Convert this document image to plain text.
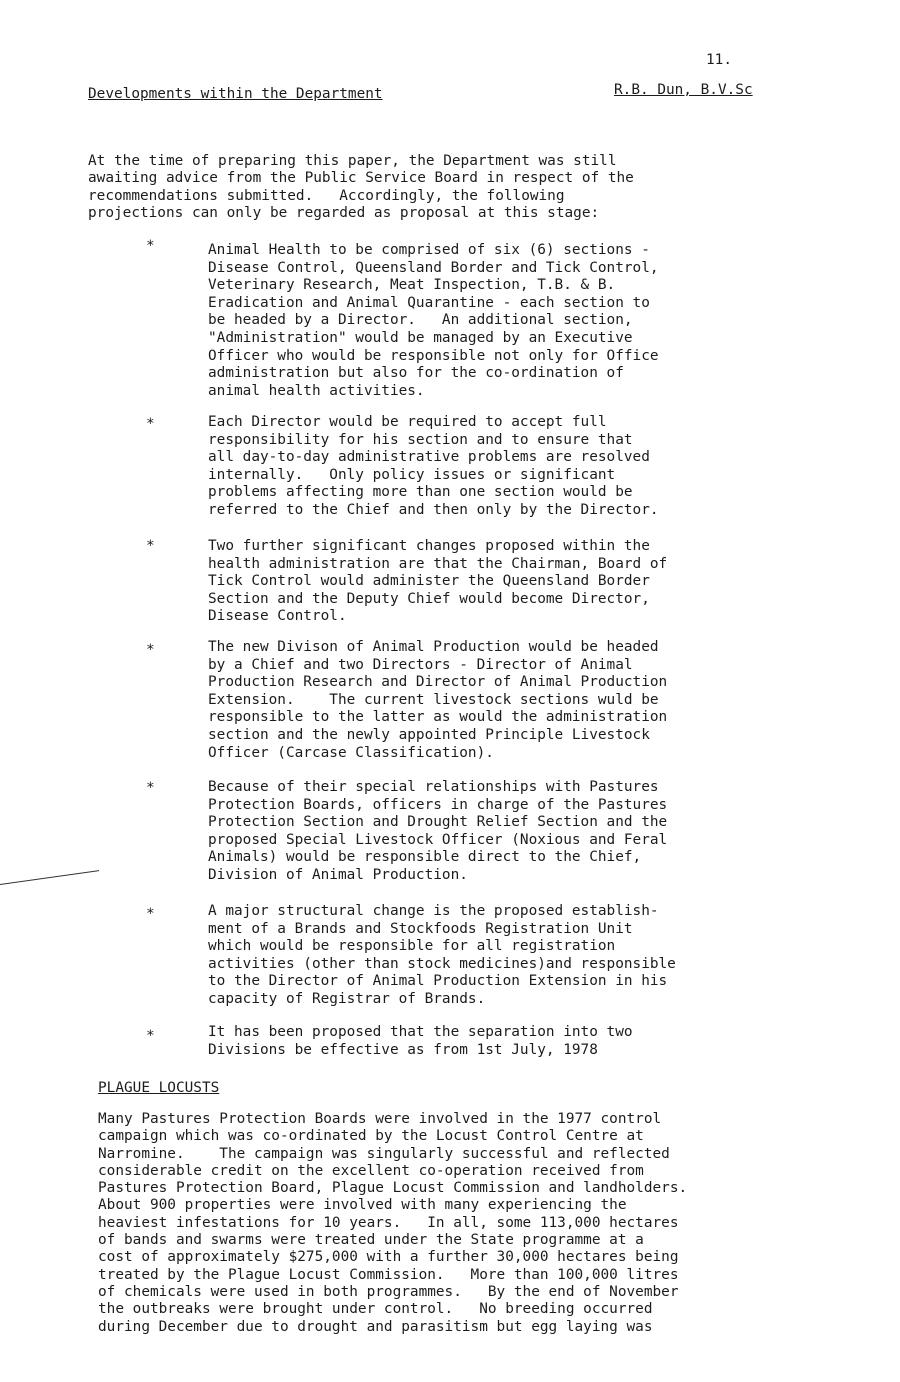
11.
Developments within the Department	R.B. Dun, B.V.Sc
At the time of preparing this paper, the Department was still
awaiting advice from the Public Service Board in respect of the
recommendations submitted.   Accordingly, the following
projections can only be regarded as proposal at this stage:
*	Animal Health to be comprised of six (6) sections -
Disease Control, Queensland Border and Tick Control,
Veterinary Research, Meat Inspection, T.B. & B.
Eradication and Animal Quarantine - each section to
be headed by a Director.   An additional section,
"Administration" would be managed by an Executive
Officer who would be responsible not only for Office
administration but also for the co-ordination of
animal health activities.
*	Each Director would be required to accept full
responsibility for his section and to ensure that
all day-to-day administrative problems are resolved
internally.   Only policy issues or significant
problems affecting more than one section would be
referred to the Chief and then only by the Director.
*	Two further significant changes proposed within the
health administration are that the Chairman, Board of
Tick Control would administer the Queensland Border
Section and the Deputy Chief would become Director,
Disease Control.
*	The new Divison of Animal Production would be headed
by a Chief and two Directors - Director of Animal
Production Research and Director of Animal Production
Extension.    The current livestock sections wuld be
responsible to the latter as would the administration
section and the newly appointed Principle Livestock
Officer (Carcase Classification).
*	Because of their special relationships with Pastures
Protection Boards, officers in charge of the Pastures
Protection Section and Drought Relief Section and the
proposed Special Livestock Officer (Noxious and Feral
Animals) would be responsible direct to the Chief,
Division of Animal Production.
*	A major structural change is the proposed establish-
ment of a Brands and Stockfoods Registration Unit
which would be responsible for all registration
activities (other than stock medicines)and responsible
to the Director of Animal Production Extension in his
capacity of Registrar of Brands.
*	It has been proposed that the separation into two
Divisions be effective as from 1st July, 1978
PLAGUE LOCUSTS
Many Pastures Protection Boards were involved in the 1977 control
campaign which was co-ordinated by the Locust Control Centre at
Narromine.    The campaign was singularly successful and reflected
considerable credit on the excellent co-operation received from
Pastures Protection Board, Plague Locust Commission and landholders.
About 900 properties were involved with many experiencing the
heaviest infestations for 10 years.   In all, some 113,000 hectares
of bands and swarms were treated under the State programme at a
cost of approximately $275,000 with a further 30,000 hectares being
treated by the Plague Locust Commission.   More than 100,000 litres
of chemicals were used in both programmes.   By the end of November
the outbreaks were brought under control.   No breeding occurred
during December due to drought and parasitism but egg laying was
